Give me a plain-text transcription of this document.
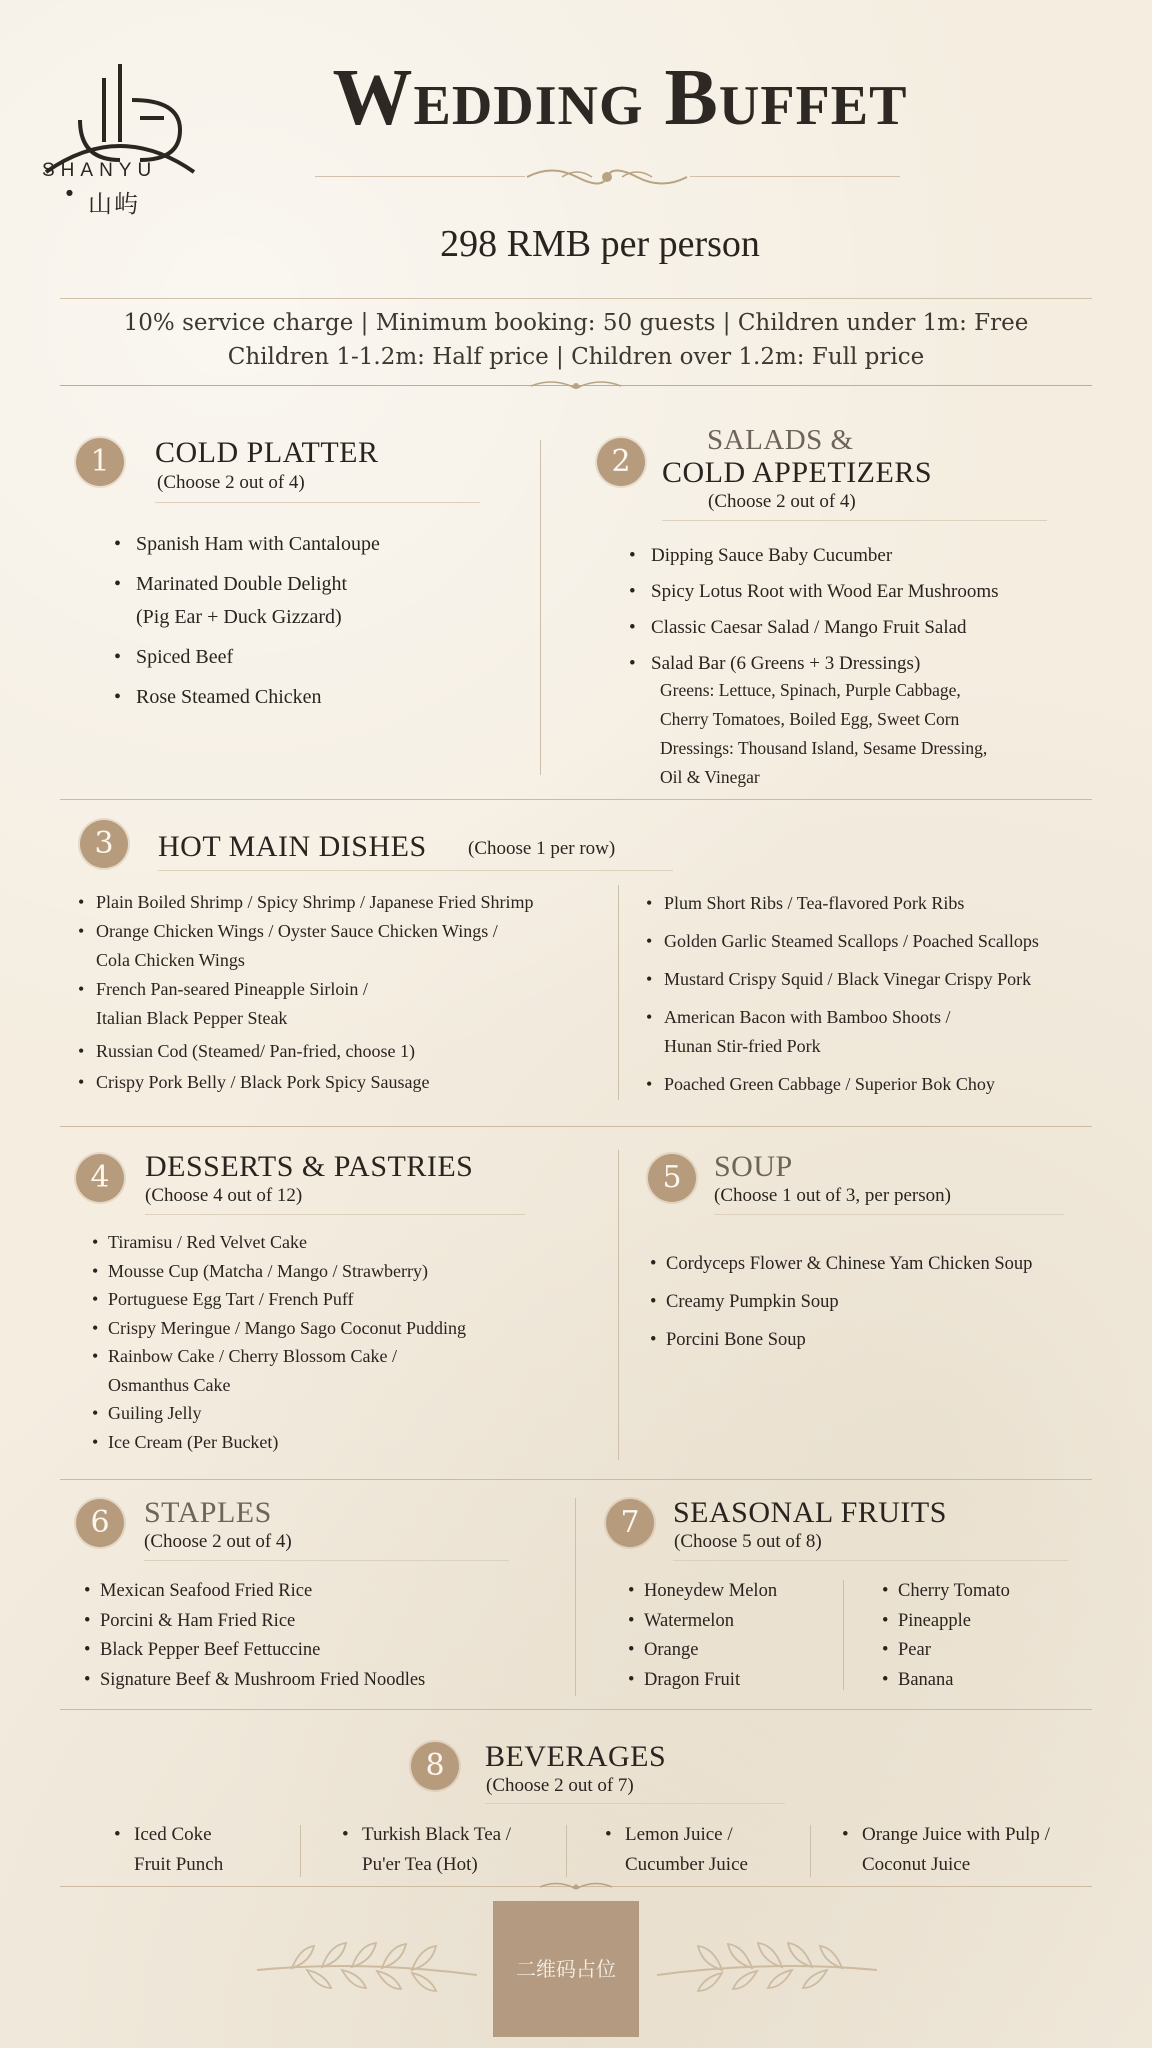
SHANYU
● 山屿
Wedding Buffet
298 RMB per person
10% service charge | Minimum booking: 50 guests | Children under 1m: Free
Children 1-1.2m: Half price | Children over 1.2m: Full price
1	COLD PLATTER
(Choose 2 out of 4)
• Spanish Ham with Cantaloupe
• Marinated Double Delight
(Pig Ear + Duck Gizzard)
• Spiced Beef
• Rose Steamed Chicken
2
SALADS &
COLD APPETIZERS
(Choose 2 out of 4)
• Dipping Sauce Baby Cucumber
• Spicy Lotus Root with Wood Ear Mushrooms
• Classic Caesar Salad / Mango Fruit Salad
• Salad Bar (6 Greens + 3 Dressings)
Greens: Lettuce, Spinach, Purple Cabbage,
Cherry Tomatoes, Boiled Egg, Sweet Corn
Dressings: Thousand Island, Sesame Dressing,
Oil & Vinegar
3	HOT MAIN DISHES (Choose 1 per row)
• Plain Boiled Shrimp / Spicy Shrimp / Japanese Fried Shrimp
• Orange Chicken Wings / Oyster Sauce Chicken Wings /
Cola Chicken Wings
• French Pan-seared Pineapple Sirloin /
Italian Black Pepper Steak
• Russian Cod (Steamed/ Pan-fried, choose 1)
• Crispy Pork Belly / Black Pork Spicy Sausage
• Plum Short Ribs / Tea-flavored Pork Ribs
• Golden Garlic Steamed Scallops / Poached Scallops
• Mustard Crispy Squid / Black Vinegar Crispy Pork
• American Bacon with Bamboo Shoots /
Hunan Stir-fried Pork
• Poached Green Cabbage / Superior Bok Choy
4	DESSERTS & PASTRIES
(Choose 4 out of 12)
• Tiramisu / Red Velvet Cake
• Mousse Cup (Matcha / Mango / Strawberry)
• Portuguese Egg Tart / French Puff
• Crispy Meringue / Mango Sago Coconut Pudding
• Rainbow Cake / Cherry Blossom Cake /
Osmanthus Cake
• Guiling Jelly
• Ice Cream (Per Bucket)
5	SOUP
(Choose 1 out of 3, per person)
• Cordyceps Flower & Chinese Yam Chicken Soup
• Creamy Pumpkin Soup
• Porcini Bone Soup
6	STAPLES
(Choose 2 out of 4)
• Mexican Seafood Fried Rice
• Porcini & Ham Fried Rice
• Black Pepper Beef Fettuccine
• Signature Beef & Mushroom Fried Noodles
7	SEASONAL FRUITS
(Choose 5 out of 8)
• Honeydew Melon
• Watermelon
• Orange
• Dragon Fruit
• Cherry Tomato
• Pineapple
• Pear
• Banana
8	BEVERAGES
(Choose 2 out of 7)
• Iced Coke
Fruit Punch
• Turkish Black Tea /
Pu'er Tea (Hot)
• Lemon Juice /
Cucumber Juice
• Orange Juice with Pulp /
Coconut Juice
二维码占位
